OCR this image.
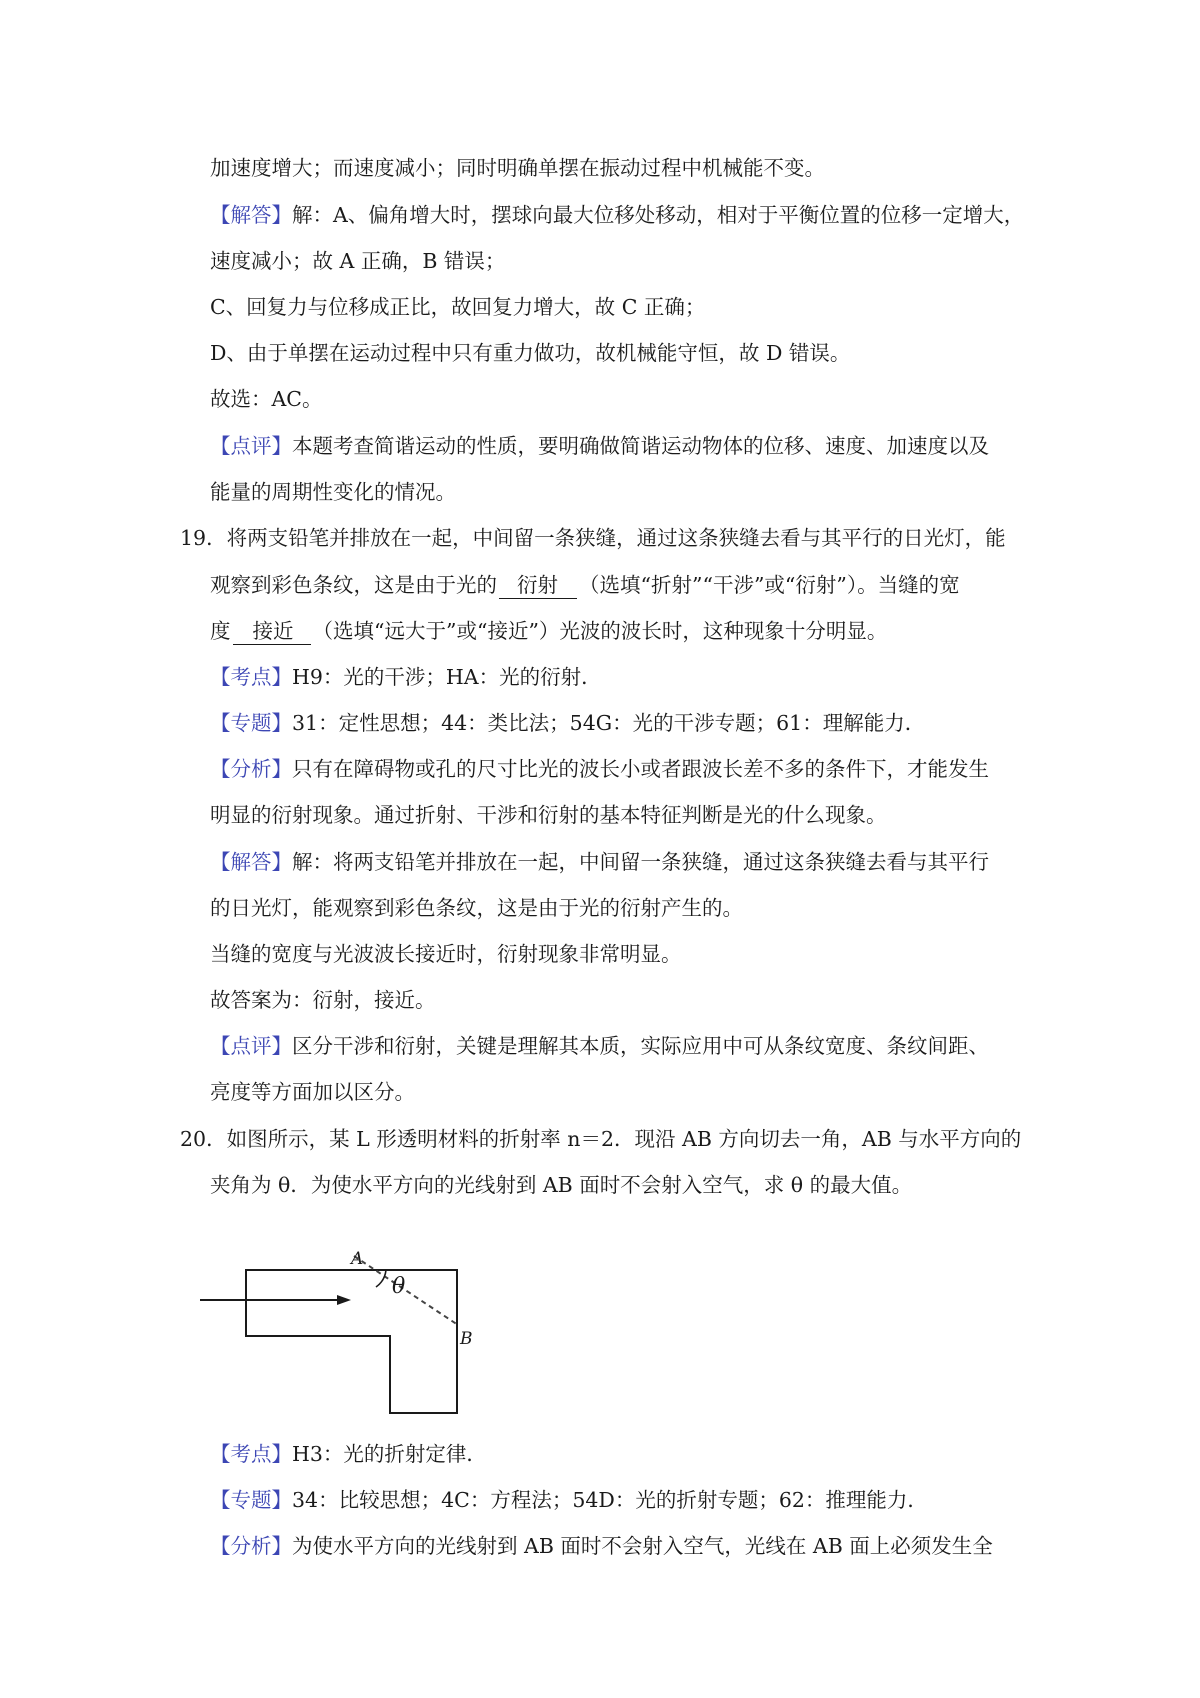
加速度增大；而速度减小；同时明确单摆在振动过程中机械能不变。
【解答】解：A、偏角增大时，摆球向最大位移处移动，相对于平衡位置的位移一定增大，
速度减小；故 A 正确，B 错误；
C、回复力与位移成正比，故回复力增大，故 C 正确；
D、由于单摆在运动过程中只有重力做功，故机械能守恒，故 D 错误。
故选：AC。
【点评】本题考查简谐运动的性质，要明确做简谐运动物体的位移、速度、加速度以及
能量的周期性变化的情况。
19．将两支铅笔并排放在一起，中间留一条狭缝，通过这条狭缝去看与其平行的日光灯，能
观察到彩色条纹，这是由于光的 衍射 （选填“折射”“干涉”或“衍射”）。当缝的宽
度 接近 （选填“远大于”或“接近”）光波的波长时，这种现象十分明显。
【考点】H9：光的干涉；HA：光的衍射．
【专题】31：定性思想；44：类比法；54G：光的干涉专题；61：理解能力．
【分析】只有在障碍物或孔的尺寸比光的波长小或者跟波长差不多的条件下，才能发生
明显的衍射现象。通过折射、干涉和衍射的基本特征判断是光的什么现象。
【解答】解：将两支铅笔并排放在一起，中间留一条狭缝，通过这条狭缝去看与其平行
的日光灯，能观察到彩色条纹，这是由于光的衍射产生的。
当缝的宽度与光波波长接近时，衍射现象非常明显。
故答案为：衍射，接近。
【点评】区分干涉和衍射，关键是理解其本质，实际应用中可从条纹宽度、条纹间距、
亮度等方面加以区分。
20．如图所示，某 L 形透明材料的折射率 n＝2．现沿 AB 方向切去一角，AB 与水平方向的
夹角为 θ．为使水平方向的光线射到 AB 面时不会射入空气，求 θ 的最大值。
A
θ
B
【考点】H3：光的折射定律．
【专题】34：比较思想；4C：方程法；54D：光的折射专题；62：推理能力．
【分析】为使水平方向的光线射到 AB 面时不会射入空气，光线在 AB 面上必须发生全
